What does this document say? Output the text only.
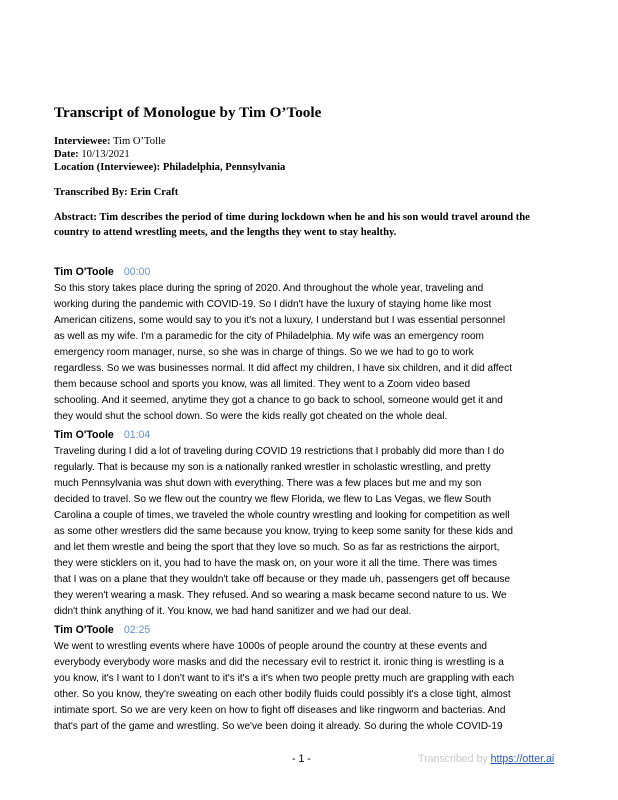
Transcript of Monologue by Tim O’Toole
Interviewee: Tim O’Tolle
Date: 10/13/2021
Location (Interviewee): Philadelphia, Pennsylvania
Transcribed By: Erin Craft
Abstract: Tim describes the period of time during lockdown when he and his son would travel around the
country to attend wrestling meets, and the lengths they went to stay healthy.
Tim O'Toole 00:00
So this story takes place during the spring of 2020. And throughout the whole year, traveling and
working during the pandemic with COVID-19. So I didn't have the luxury of staying home like most
American citizens, some would say to you it's not a luxury, I understand but I was essential personnel
as well as my wife. I'm a paramedic for the city of Philadelphia. My wife was an emergency room
emergency room manager, nurse, so she was in charge of things. So we we had to go to work
regardless. So we was businesses normal. It did affect my children, I have six children, and it did affect
them because school and sports you know, was all limited. They went to a Zoom video based
schooling. And it seemed, anytime they got a chance to go back to school, someone would get it and
they would shut the school down. So were the kids really got cheated on the whole deal.
Tim O'Toole 01:04
Traveling during I did a lot of traveling during COVID 19 restrictions that I probably did more than I do
regularly. That is because my son is a nationally ranked wrestler in scholastic wrestling, and pretty
much Pennsylvania was shut down with everything. There was a few places but me and my son
decided to travel. So we flew out the country we flew Florida, we flew to Las Vegas, we flew South
Carolina a couple of times, we traveled the whole country wrestling and looking for competition as well
as some other wrestlers did the same because you know, trying to keep some sanity for these kids and
and let them wrestle and being the sport that they love so much. So as far as restrictions the airport,
they were sticklers on it, you had to have the mask on, on your wore it all the time. There was times
that I was on a plane that they wouldn't take off because or they made uh, passengers get off because
they weren't wearing a mask. They refused. And so wearing a mask became second nature to us. We
didn't think anything of it. You know, we had hand sanitizer and we had our deal.
Tim O'Toole 02:25
We went to wrestling events where have 1000s of people around the country at these events and
everybody everybody wore masks and did the necessary evil to restrict it. ironic thing is wrestling is a
you know, it's I want to I don't want to it's it's a it's when two people pretty much are grappling with each
other. So you know, they're sweating on each other bodily fluids could possibly it's a close tight, almost
intimate sport. So we are very keen on how to fight off diseases and like ringworm and bacterias. And
that's part of the game and wrestling. So we've been doing it already. So during the whole COVID-19
- 1 -	Transcribed by https://otter.ai
